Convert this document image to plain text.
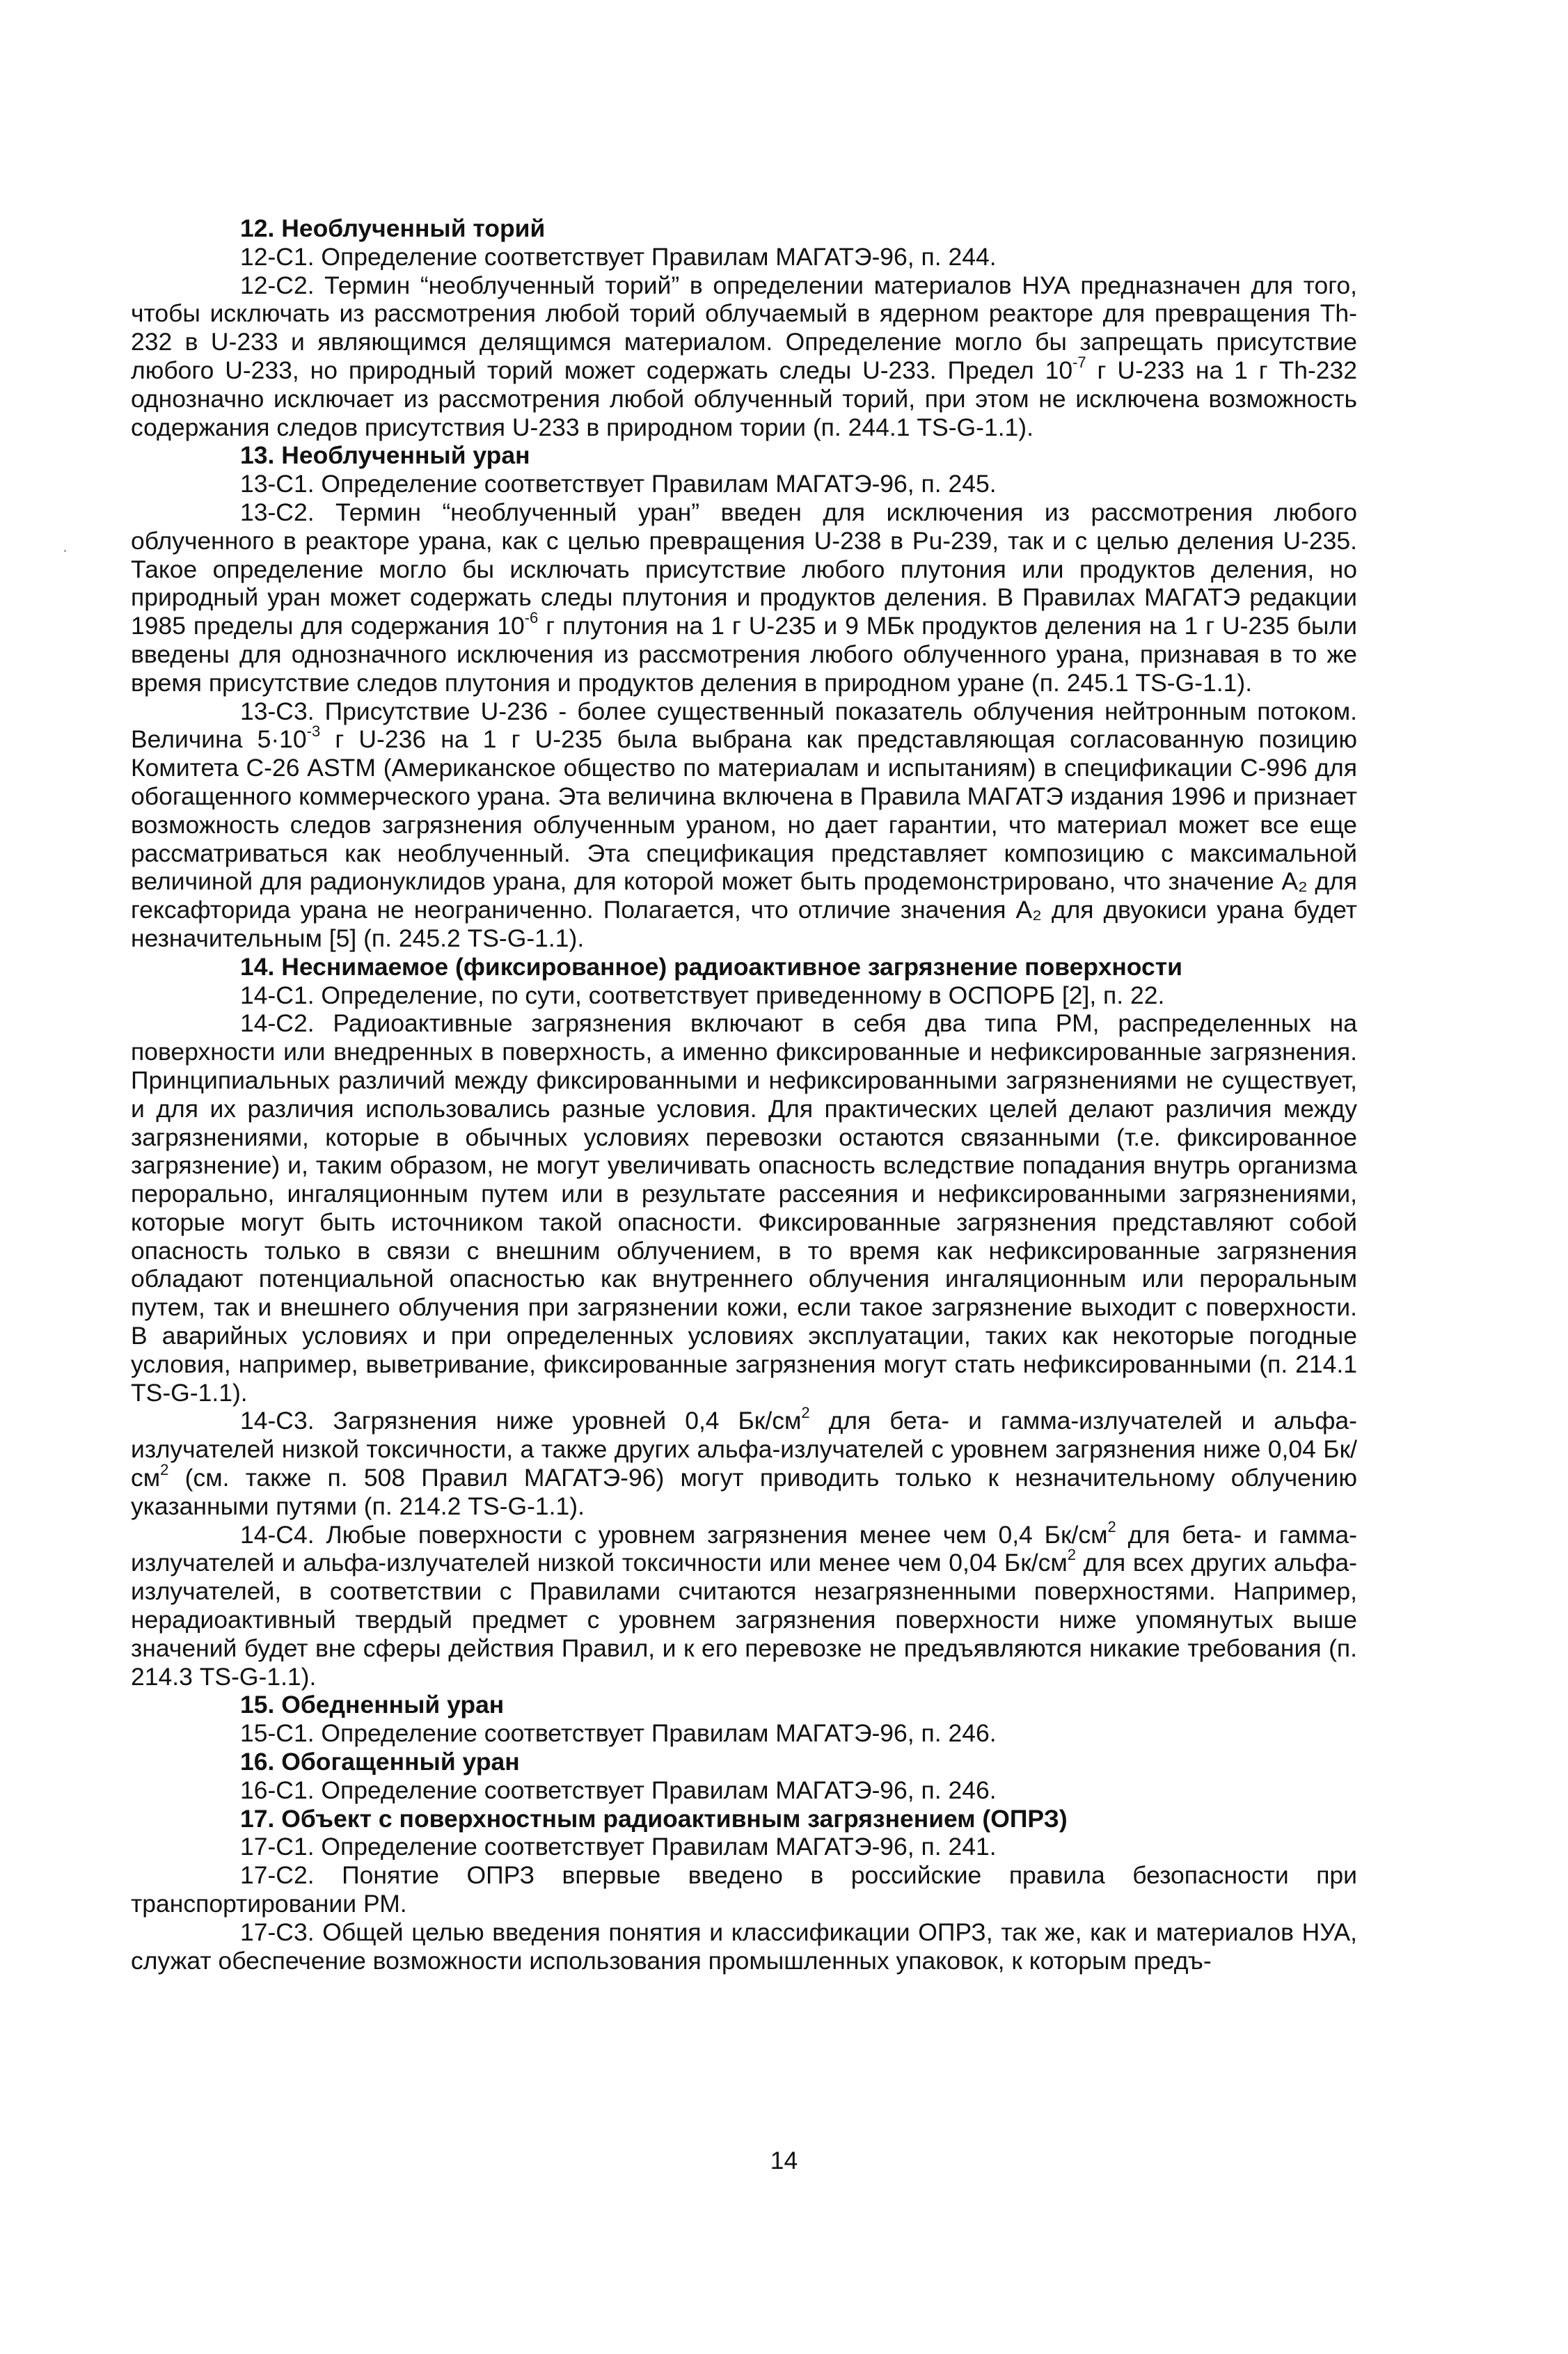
12. Необлученный торий

12-С1. Определение соответствует Правилам МАГАТЭ-96, п. 244.

12-С2. Термин “необлученный торий” в определении материалов НУА предназначен для того, чтобы исключать из рассмотрения любой торий облучаемый в ядерном реакторе для превращения Th-232 в U-233 и являющимся делящимся материалом. Определение могло бы запрещать присутствие любого U-233, но природный торий может содержать следы U-233. Предел $10^{-7}$ г U-233 на 1 г Th-232 однозначно исключает из рассмотрения любой облученный торий, при этом не исключена возможность содержания следов присутствия U-233 в природном тории (п. 244.1 TS-G-1.1).

13. Необлученный уран

13-С1. Определение соответствует Правилам МАГАТЭ-96, п. 245.

13-С2. Термин “необлученный уран” введен для исключения из рассмотрения любого облученного в реакторе урана, как с целью превращения U-238 в Pu-239, так и с целью деления U-235. Такое определение могло бы исключать присутствие любого плутония или продуктов деления, но природный уран может содержать следы плутония и продуктов деления. В Правилах МАГАТЭ редакции 1985 пределы для содержания $10^{-6}$ г плутония на 1 г U-235 и 9 МБк продуктов деления на 1 г U-235 были введены для однозначного исключения из рассмотрения любого облученного урана, признавая в то же время присутствие следов плутония и продуктов деления в природном уране (п. 245.1 TS-G-1.1).

13-С3. Присутствие U-236 - более существенный показатель облучения нейтронным потоком. Величина $5\cdot 10^{-3}$ г U-236 на 1 г U-235 была выбрана как представляющая согласованную позицию Комитета С-26 ASTM (Американское общество по материалам и испытаниям) в спецификации С-996 для обогащенного коммерческого урана. Эта величина включена в Правила МАГАТЭ издания 1996 и признает возможность следов загрязнения облученным ураном, но дает гарантии, что материал может все еще рассматриваться как необлученный. Эта спецификация представляет композицию с максимальной величиной для радионуклидов урана, для которой может быть продемонстрировано, что значение A₂ для гексафторида урана не неограниченно. Полагается, что отличие значения A₂ для двуокиси урана будет незначительным [5] (п. 245.2 TS-G-1.1).

14. Неснимаемое (фиксированное) радиоактивное загрязнение поверхности

14-С1. Определение, по сути, соответствует приведенному в ОСПОРБ [2], п. 22.

14-С2. Радиоактивные загрязнения включают в себя два типа РМ, распределенных на поверхности или внедренных в поверхность, а именно фиксированные и нефиксированные загрязнения. Принципиальных различий между фиксированными и нефиксированными загрязнениями не существует, и для их различия использовались разные условия. Для практических целей делают различия между загрязнениями, которые в обычных условиях перевозки остаются связанными (т.е. фиксированное загрязнение) и, таким образом, не могут увеличивать опасность вследствие попадания внутрь организма перорально, ингаляционным путем или в результате рассеяния и нефиксированными загрязнениями, которые могут быть источником такой опасности. Фиксированные загрязнения представляют собой опасность только в связи с внешним облучением, в то время как нефиксированные загрязнения обладают потенциальной опасностью как внутреннего облучения ингаляционным или пероральным путем, так и внешнего облучения при загрязнении кожи, если такое загрязнение выходит с поверхности. В аварийных условиях и при определенных условиях эксплуатации, таких как некоторые погодные условия, например, выветривание, фиксированные загрязнения могут стать нефиксированными (п. 214.1 TS-G-1.1).

14-С3. Загрязнения ниже уровней 0,4 $Бк/см^2$ для бета- и гамма-излучателей и альфа-излучателей низкой токсичности, а также других альфа-излучателей с уровнем загрязнения ниже 0,04 $Бк/см^2$ (см. также п. 508 Правил МАГАТЭ-96) могут приводить только к незначительному облучению указанными путями (п. 214.2 TS-G-1.1).

14-С4. Любые поверхности с уровнем загрязнения менее чем 0,4 $Бк/см^2$ для бета- и гамма-излучателей и альфа-излучателей низкой токсичности или менее чем 0,04 $Бк/см^2$ для всех других альфа-излучателей, в соответствии с Правилами считаются незагрязненными поверхностями. Например, нерадиоактивный твердый предмет с уровнем загрязнения поверхности ниже упомянутых выше значений будет вне сферы действия Правил, и к его перевозке не предъявляются никакие требования (п. 214.3 TS-G-1.1).

15. Обедненный уран

15-С1. Определение соответствует Правилам МАГАТЭ-96, п. 246.

16. Обогащенный уран

16-С1. Определение соответствует Правилам МАГАТЭ-96, п. 246.

17. Объект с поверхностным радиоактивным загрязнением (ОПРЗ)

17-С1. Определение соответствует Правилам МАГАТЭ-96, п. 241.

17-С2. Понятие ОПРЗ впервые введено в российские правила безопасности при транспортировании РМ.

17-С3. Общей целью введения понятия и классификации ОПРЗ, так же, как и материалов НУА, служат обеспечение возможности использования промышленных упаковок, к которым предъ-

14
